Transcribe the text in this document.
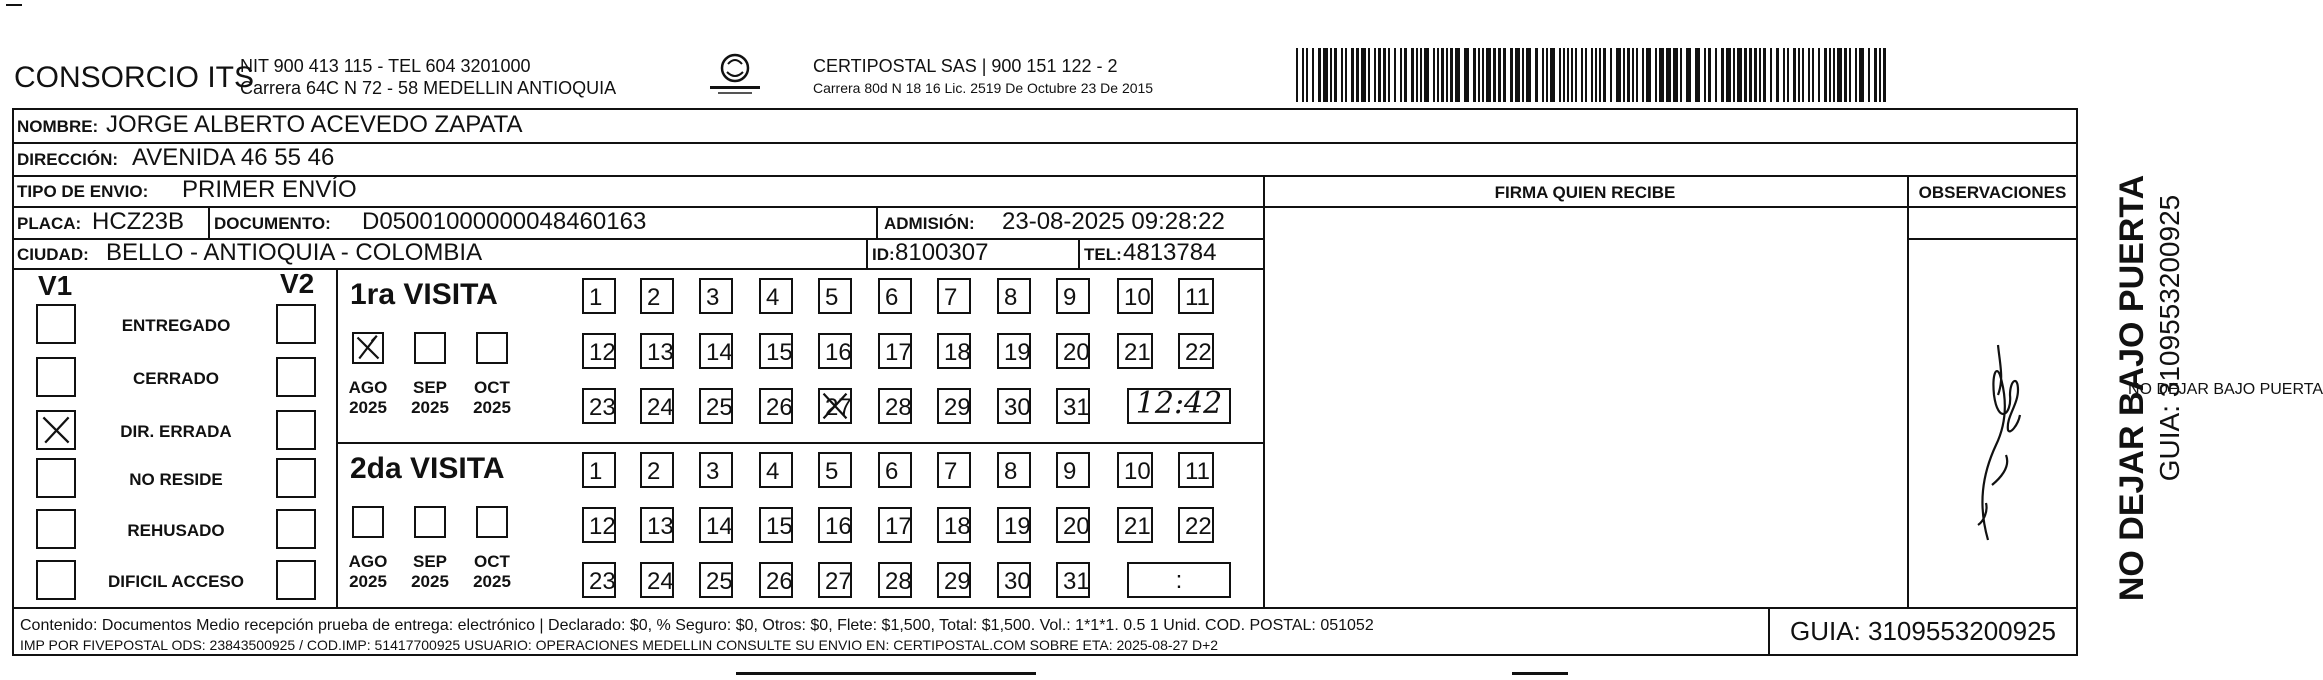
CONSORCIO ITS
NIT 900 413 115 - TEL 604 3201000
Carrera 64C N 72 - 58 MEDELLIN ANTIOQUIA
CERTIPOSTAL SAS | 900 151 122 - 2
Carrera 80d N 18 16 Lic. 2519 De Octubre 23 De 2015
NOMBRE: JORGE ALBERTO ACEVEDO ZAPATA
DIRECCIÓN: AVENIDA 46 55 46
TIPO DE ENVIO: PRIMER ENVÍO	FIRMA QUIEN RECIBE	OBSERVACIONES
PLACA: HCZ23B DOCUMENTO: D05001000000048460163	ADMISIÓN: 23-08-2025 09:28:22
CIUDAD: BELLO - ANTIOQUIA - COLOMBIA	ID: 8100307	TEL: 4813784
V1	V2
ENTREGADO
CERRADO
DIR. ERRADA
NO RESIDE
REHUSADO
DIFICIL ACCESO
1ra VISITA
AGO
2025
SEP
2025
OCT
2025
1 2 3 4 5 6 7 8 9 10 11
12 13 14 15 16 17 18 19 20 21 22
23 24 25 26 27 28 29 30 31 12:42
2da VISITA
AGO
2025
SEP
2025
OCT
2025
1 2 3 4 5 6 7 8 9 10 11
12 13 14 15 16 17 18 19 20 21 22
23 24 25 26 27 28 29 30 31	:
Contenido: Documentos Medio recepción prueba de entrega: electrónico | Declarado: $0, % Seguro: $0, Otros: $0, Flete: $1,500, Total: $1,500. Vol.: 1*1*1. 0.5 1 Unid. COD. POSTAL: 051052
IMP POR FIVEPOSTAL ODS: 23843500925 / COD.IMP: 51417700925 USUARIO: OPERACIONES MEDELLIN CONSULTE SU ENVIO EN: CERTIPOSTAL.COM SOBRE ETA: 2025-08-27 D+2	GUIA: 3109553200925
NO DEJAR BAJO PUERTA
NO DEJAR BAJO PUERTA GUIA: 3109553200925
